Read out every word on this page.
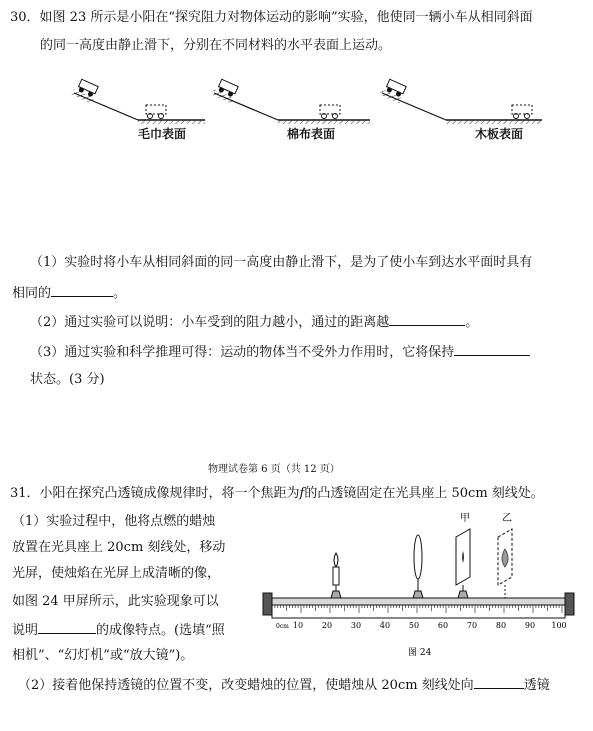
30．如图 23 所示是小阳在“探究阻力对物体运动的影响”实验，他使同一辆小车从相同斜面
的同一高度由静止滑下，分别在不同材料的水平表面上运动。
毛巾表面	棉布表面	木板表面
（1）实验时将小车从相同斜面的同一高度由静止滑下，是为了使小车到达水平面时具有
相同的	。
（2）通过实验可以说明：小车受到的阻力越小，通过的距离越	。
（3）通过实验和科学推理可得：运动的物体当不受外力作用时，它将保持
状态。(3 分)
物理试卷第 6 页（共 12 页）
31．小阳在探究凸透镜成像规律时，将一个焦距为f的凸透镜固定在光具座上 50cm 刻线处。
（1）实验过程中，他将点燃的蜡烛
放置在光具座上 20cm 刻线处，移动
光屏，使烛焰在光屏上成清晰的像，
如图 24 甲屏所示，此实验现象可以
说明	的成像特点。(选填“照
相机”、“幻灯机”或“放大镜”)。
0cm 10 20 30 40 50 60 70 80 90 100
甲	乙
图 24
（2）接着他保持透镜的位置不变，改变蜡烛的位置，使蜡烛从 20cm 刻线处向	透镜
